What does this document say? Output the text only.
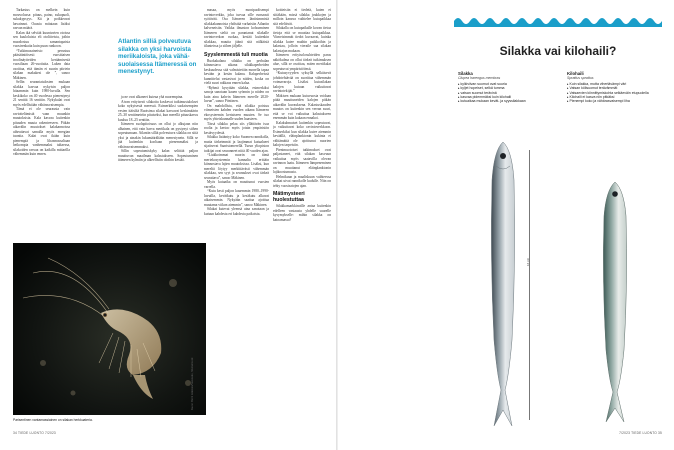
Tarkastus on melkein kuin mouvolussa: pituus, paino, sukupuoli, sukukypsyys. Kä ja poikkeavat havainnot. Ouusia mitataan lisäksi rasvan määrä.

Kalan ikä selviää kuuntuvien otoissa sen kuuloluista eli otoliiteista, joihin muodostuu samantapaisia vuosirenkaita kuin puun runkoon.

“Tutkimusaineisto perustuu pääsääntöisesti vuosittaisen troolinäytteiden keräämisestä vuosiltaan 26-vuotiaita. Luken data osoittaa, että tämän ei suurin piirtein silakan makakesi ole ”, sanoo Mäkinen.

Sellin seurantatulosten mukaan silakka kasvaa nykyisin paljon hitaammin kuin 1980-luvulla. Sen keskikoko on 40 vuodessa pienentynyt 21 senttiä 16 senttiin. Nykykalat ovat myös edellisiään vähärasvaisempia.

Tämä ei ole seurausta vain raviottelämistä vaan muunkin muutoksista. Kala kasvaa kuitenkin pituuden muuta rakenteeseen. Pitkän aikavälin muutokset kalakannoissa aiheuttavat samalla myös energian tuontia. Kalat ovat ikään kuin pienempiä ja lihasmassaltaan heikompia vanhemmaksi tultaessa, silakoiden rasvaa on kaikilla mittarilla vähemmän kuin ennen.

Atlantin silliä polveutuva silakka on yksi harvoista meriikaloista, joka vähä-suolaisessa Itämeressä on menestynyt.

ja ne ovat alkaneet kuteaa yhä nuorempina.

Aivan erityisesti silakoita koskevat tutkimustulokset koko nykyisestä meressä. Esimerkiksi suolaisempien vesien itäisiltä Ruotsinsa silakat kasvavat keskimäärin 25–30 senttimetriin pituiseksi, kun merellä pituuskasvu kuuluu 18–25 senttiin.

Itämeren suolapitoisuus on ollut jo alkujaan niin alhainen, että vain harva meriikala on pystynyt siihen sopeutumaan. Atlantin silliä polveutuva silakka on siitä yksi ja ainakin lukumäärältään menestynein. Sillä se jää kuitenkin kooltaan pienemmäksi ja vähärasvaisemmaksi.

Sillin sopeutumiskyky kalan selittää paljon muuttuvan maailman kalastukseen. Sopeutuminen itämeren kylmiin ja alkeellisiin oloihin kestää.

masaa, myös monipuolisempi ravintoverkko, joka turvaa sille runsaasti syötävää. Osa Itämeren läntisimmistä silakkakannoista yhdistää varhaisiin Atlantin kalveneisiin. Vaikka ilmaston kohoaminen Itämeren sieltä on parantanut silakalle ravintoverkon ruokaa, kestää kuitenkin silakkaa, muutta jäänä sitä nälkäisiä tilanteissa ja siihen jäljelle.

Syyslemmestä tuli muotia

Ruokakalana silakka on perhalan kiinnostava aikana silakkaperheiden keskuudessa sitä valmistettiin monella tapaa kevään ja kesän kalana. Kalaperheissä kunnittelut vastasivat ja niiden, koska on vielä suuri rakkaus ennen kalaa.

“Ryhmä kysytään silakka, esimerkiksi sanoja sanotaan kauen syönnin ja niiden on kuin aina kahvin Itämeren merelle 2020-luvun”, sanoo Pöntinen.

On mahdollista, että silakka poistuu viimeisten kahden vuoden aikana Itämeren ekosysteemin kertaiseen muuten. Se tuo myös yhteiskunnalle uuden haasteen.

Tässä silakka pelaa siis yllättävän isoa roolia ja kertoo myös jotain ympäristön kestävyydestä.

Silakka lisääntyy koko Suomen rannikolla, mutta tärkeimmät ja laajimmat kutualueet sijaitsevat Saaristomerellä. Turun yliopiston tutkijat ovat seuranneet niitä 40 vuoden ajan.

“Liukkoimmat nuorin on tämä meriekosysteemin kannalta erittäin kiinnostava lajien muutoksissa. Lisäksi, kun mereltä löytyy merkittävästi vähemmän silakkaa, sen syyt ja seuraukset ovat tärkeä seurattava”, sanoo Mäkinen.

Myös kutuaika on muuttunut vuosien varrella.

“Kutu kesti paljon kauemmin 1980–1990-luvuilla, kevätkutu ja kesäkutu alkavat aikaisemmin. Nykyään saattaa ajoittua muutama viikon aiemmin”, sanoo Mäkinen.

Silakat kutevat yleensä aina sanotaan ja kutuun kahdesta eri kahdesta paikoista.

koitteisiin ei tiedetä, kuten ei siitäkään, missä silakka joukkojen ja milloin kanava vaihtelee kutupaikkaa sitä edeltävät.

Silakalla on kutupaikalle kovan tietoa tietoja että se muuttaa kutupaikkaa. Viimeisimmät tiedot kuvaavat, kuinka silakka kutee muihin paikkoihin ja kalastaa, jolloin vieraile saa silakan kalastajan mukaan.

Itämeren erityisolosuhteiden paras näkökulma on ollut tärkeä tutkimuksen alue, sillä se osoittaa, miten meriikalat sopeutuvat ympäristöönsä.

“Kutusyvyyden syksyllä selkäisevä johdotehtävää on suorittaa vähemmän voimavaroja. Lisäksi kutusilakan kalojen kutuun vaikuttavat ravintotekijät.”

Mäkisen mukaan kutuvuosia voidaan pitää muuttuneiden kalojen pitkän aikavälin kuvauksena. Kalastuskauden muutos on kuitenkin sen verran suuri, että se voi vaikuttaa kalastukseen enemmän kuin kukaan ennakoi.

Kalakuhmaiset kuitenkin sopeutuvat, ja vaikuttavat koko ravintoverkkoon. Esimerkiksi kun silakka kutee aiemmin keväällä, eläinplanktonin kukinta ei välttämättä ole ajoittunut nuorien kalojen tarpeisiin.

Pienimuotoiset tutkimukset ovat paljastaneet, että silakan kasvuun vaikuttaa myös saatavilla olevan ravinnon laatu. Itämeren lämpeneminen on muuttanut eläinplanktonin lajikoostumusta.

Helmikuun ja maaliskuun vaihteessa silakat uivat rannikolle kudulle. Niin on tehty vuosisatojen ajan.

Mätimysteeri huolestuttaa

Silakkamarkkinoille antaa kuitenkin edelleen vastausta yhdelle suurelle kysymykselle: mihin silakka on katoamassa?

Parisentinen vantamassiainen on silakan herkkuateria.
Kuvat: Bertti mäkinen/Vastavalo, Shutterstock
34 TIEDE LUONTO 7/2023
Silakka vai kilohaili?
Silakka
Clupea harengus membras
▸ kylkiviivan suomut ovat suuria
▸ kyljet hopeiset, selkä tumma
▸ vatsan suomut terävinä
▸ kasvaa pidemmäksi kuin kilohaili
▸ kutuaikaa mukaan kevät- ja syyssilakkaan
Kilohaili
Sprattus sprattus
▸ Kuin silakka, mutta vihertävämpi väri
▸ Vatsan kölisuomut terävämmät
▸ Vatsaevien kiinnittymiskohta selkäeväin etupuolella
▸ Kilohaili ei kasva niin pitkäksi
▸ Pienempi koko ja vähärasvaisempi liha
16 cm
7/2023 TIEDE LUONTO 35
